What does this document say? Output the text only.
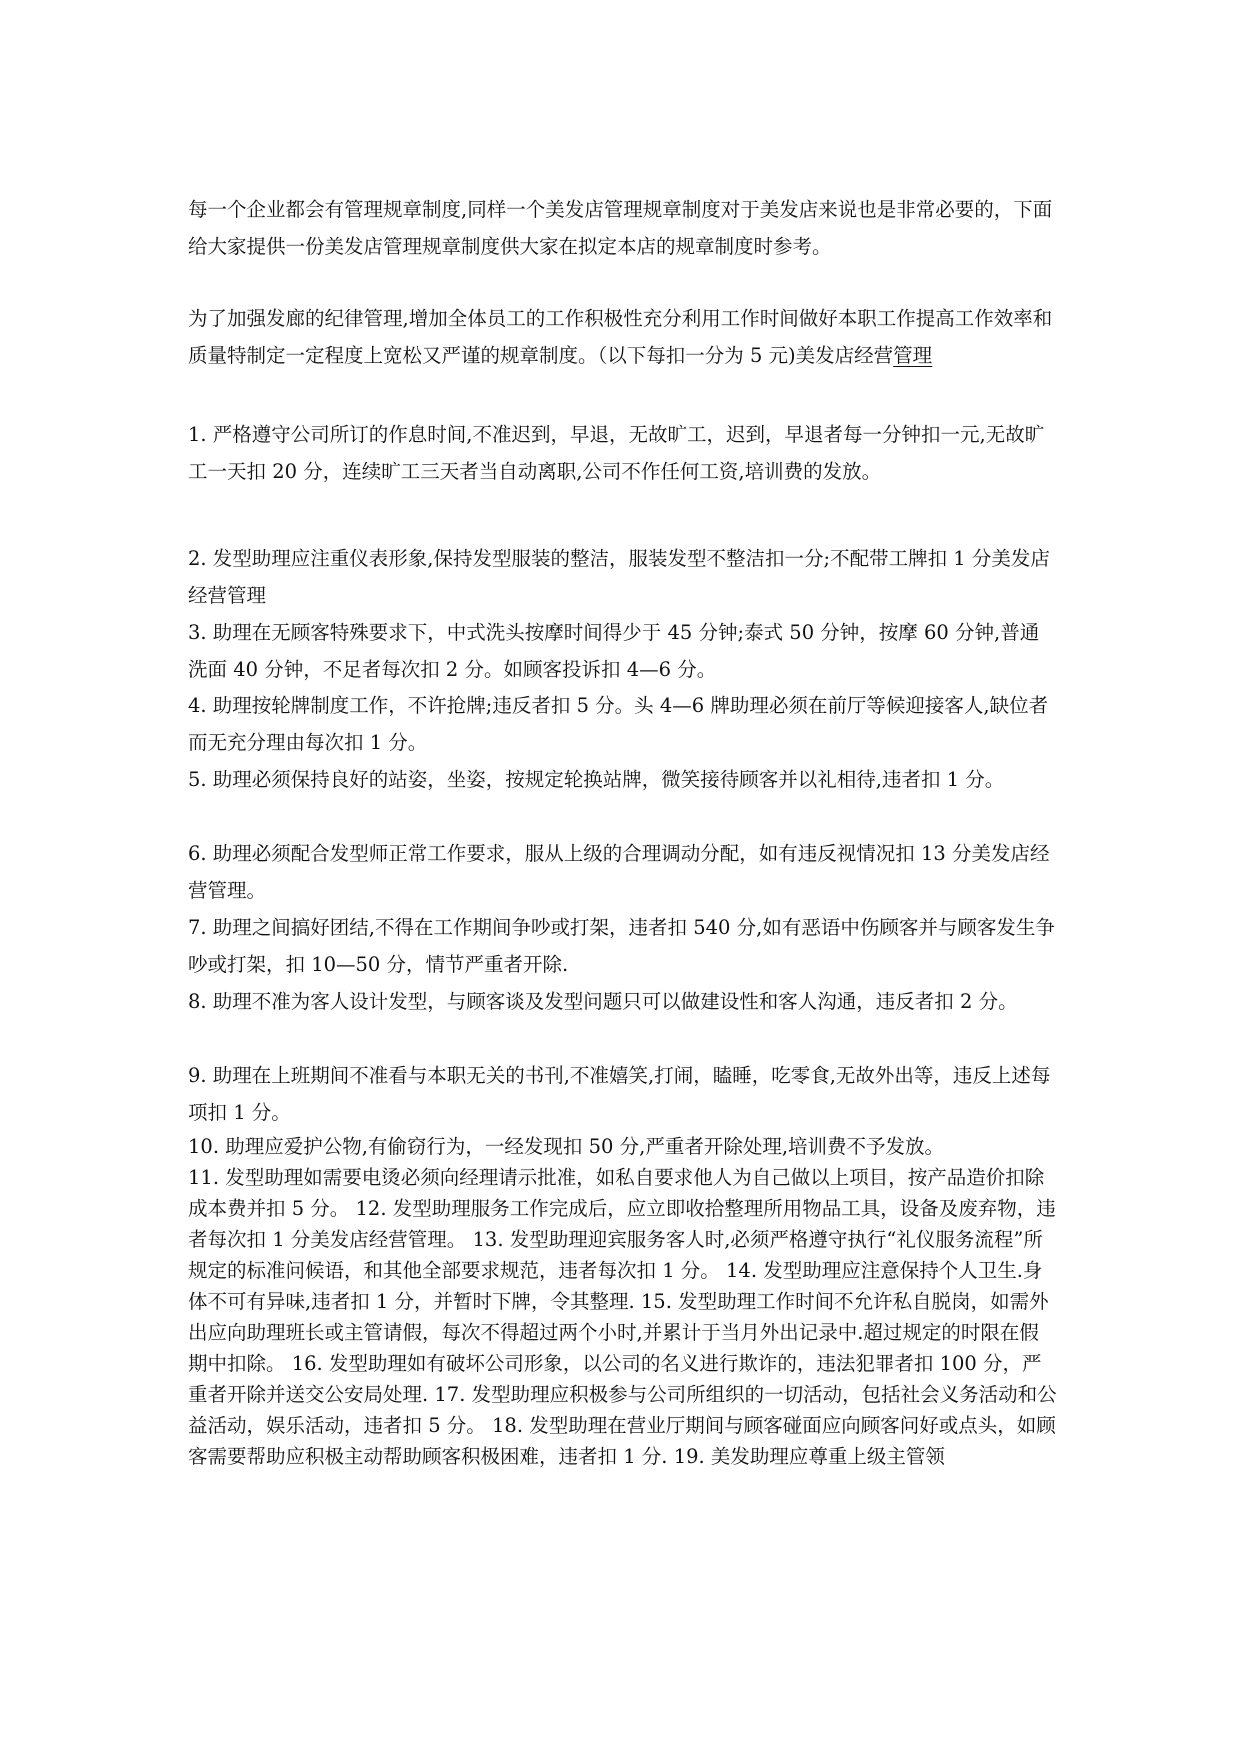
每一个企业都会有管理规章制度,同样一个美发店管理规章制度对于美发店来说也是非常必要的，下面给大家提供一份美发店管理规章制度供大家在拟定本店的规章制度时参考。
为了加强发廊的纪律管理,增加全体员工的工作积极性充分利用工作时间做好本职工作提高工作效率和质量特制定一定程度上宽松又严谨的规章制度。（以下每扣一分为 5 元)美发店经营管理
1. 严格遵守公司所订的作息时间,不准迟到，早退，无故旷工，迟到，早退者每一分钟扣一元,无故旷工一天扣 20 分，连续旷工三天者当自动离职,公司不作任何工资,培训费的发放。
2. 发型助理应注重仪表形象,保持发型服装的整洁，服装发型不整洁扣一分;不配带工牌扣 1 分美发店经营管理
3. 助理在无顾客特殊要求下，中式洗头按摩时间得少于 45 分钟;泰式 50 分钟，按摩 60 分钟,普通洗面 40 分钟，不足者每次扣 2 分。如顾客投诉扣 4—6 分。
4. 助理按轮牌制度工作，不许抢牌;违反者扣 5 分。头 4—6 牌助理必须在前厅等候迎接客人,缺位者而无充分理由每次扣 1 分。
5. 助理必须保持良好的站姿，坐姿，按规定轮换站牌，微笑接待顾客并以礼相待,违者扣 1 分。
6. 助理必须配合发型师正常工作要求，服从上级的合理调动分配，如有违反视情况扣 13 分美发店经营管理。
7. 助理之间搞好团结,不得在工作期间争吵或打架，违者扣 540 分,如有恶语中伤顾客并与顾客发生争吵或打架，扣 10—50 分，情节严重者开除.
8. 助理不准为客人设计发型，与顾客谈及发型问题只可以做建设性和客人沟通，违反者扣 2 分。
9. 助理在上班期间不准看与本职无关的书刊,不准嬉笑,打闹，瞌睡，吃零食,无故外出等，违反上述每项扣 1 分。
10. 助理应爱护公物,有偷窃行为，一经发现扣 50 分,严重者开除处理,培训费不予发放。
11. 发型助理如需要电烫必须向经理请示批准，如私自要求他人为自己做以上项目，按产品造价扣除成本费并扣 5 分。 12. 发型助理服务工作完成后，应立即收拾整理所用物品工具，设备及废弃物，违者每次扣 1 分美发店经营管理。 13. 发型助理迎宾服务客人时,必须严格遵守执行“礼仪服务流程”所规定的标准问候语，和其他全部要求规范，违者每次扣 1 分。 14. 发型助理应注意保持个人卫生.身体不可有异味,违者扣 1 分，并暂时下牌，令其整理. 15. 发型助理工作时间不允许私自脱岗，如需外出应向助理班长或主管请假，每次不得超过两个小时,并累计于当月外出记录中.超过规定的时限在假期中扣除。 16. 发型助理如有破坏公司形象，以公司的名义进行欺诈的，违法犯罪者扣 100 分，严重者开除并送交公安局处理. 17. 发型助理应积极参与公司所组织的一切活动，包括社会义务活动和公益活动，娱乐活动，违者扣 5 分。 18. 发型助理在营业厅期间与顾客碰面应向顾客问好或点头，如顾客需要帮助应积极主动帮助顾客积极困难，违者扣 1 分. 19. 美发助理应尊重上级主管领
